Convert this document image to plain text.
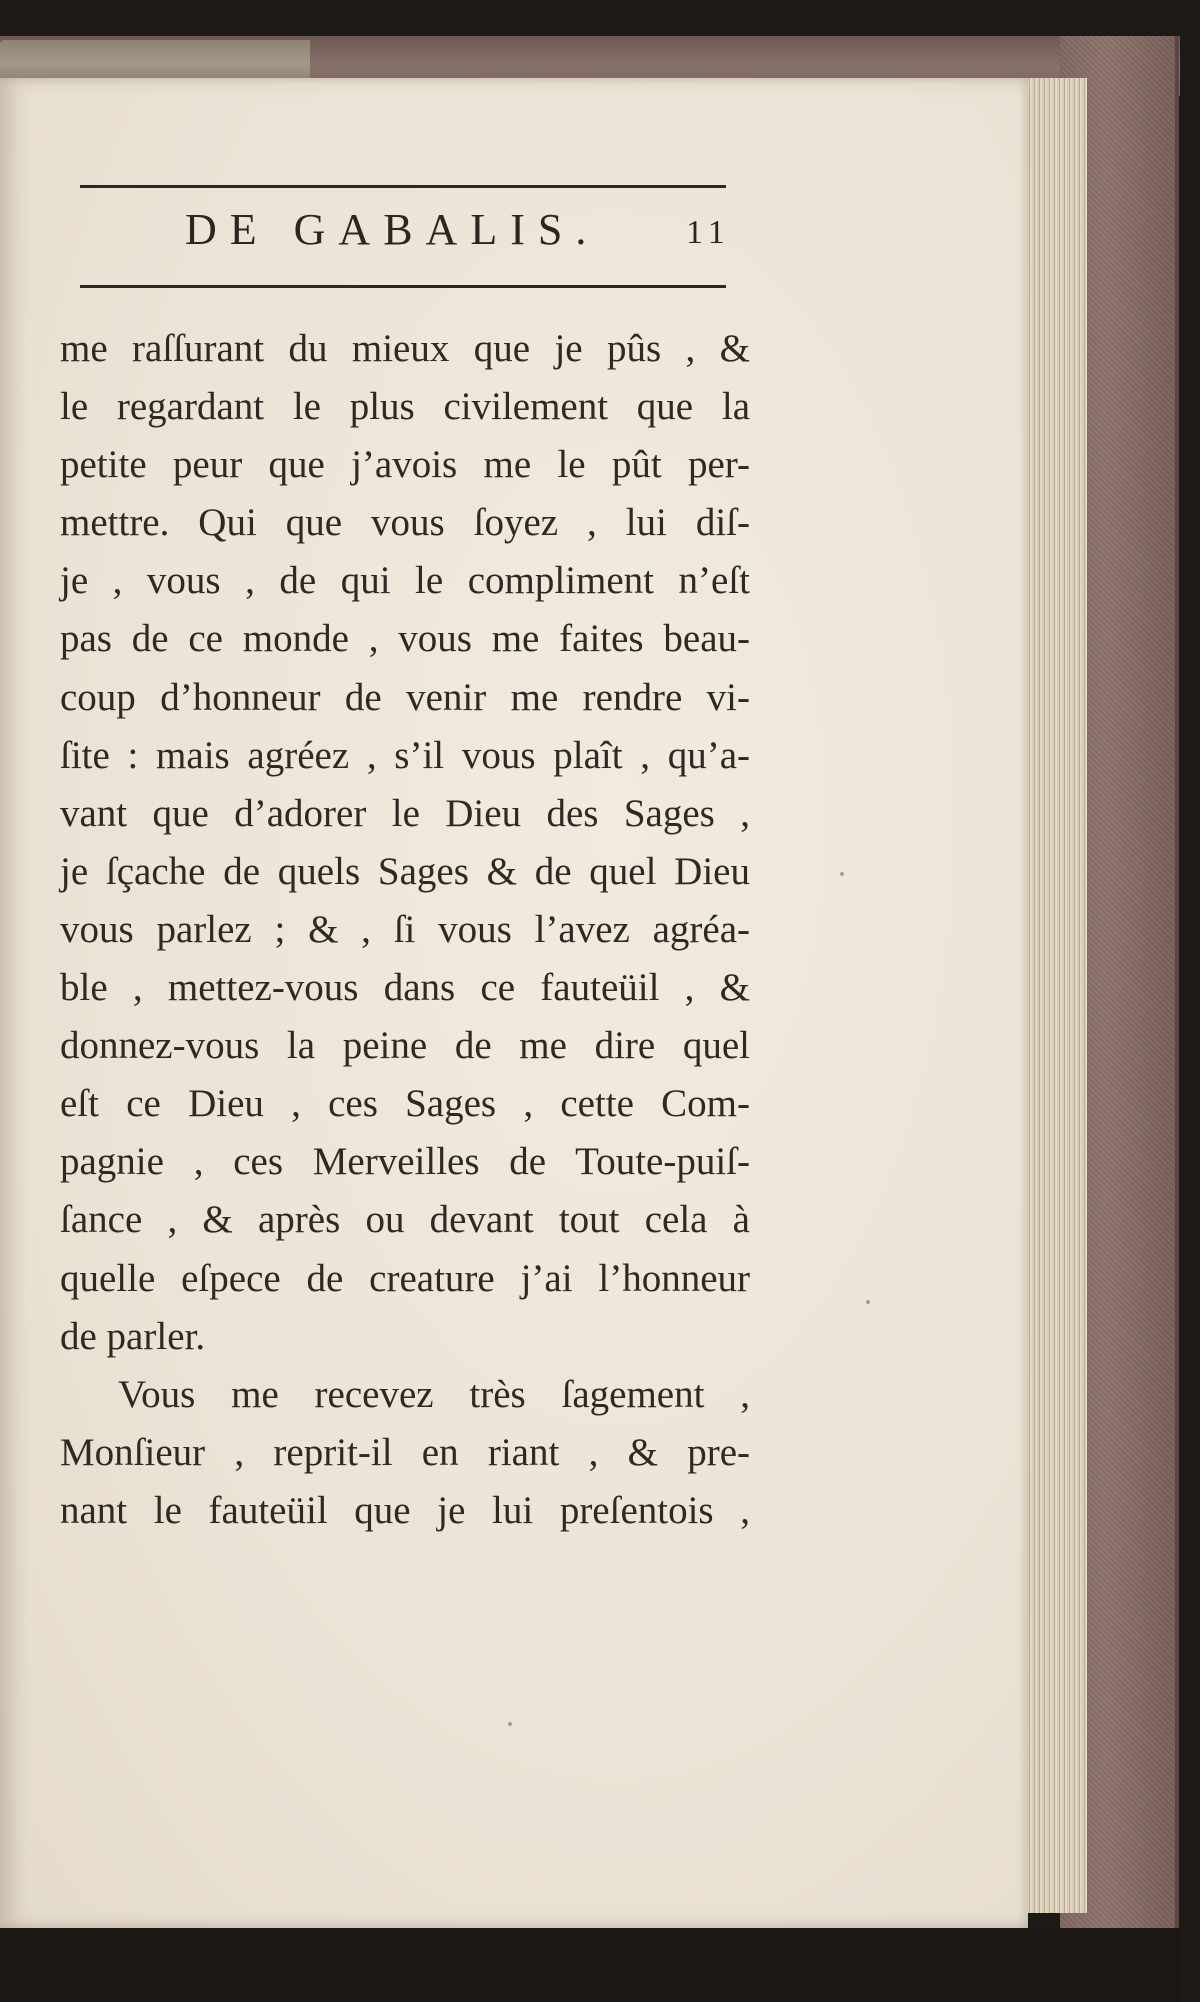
DE GABALIS.	11
me raſſurant du mieux que je pûs , &
le regardant le plus civilement que la
petite peur que j’avois me le pût per-
mettre. Qui que vous ſoyez , lui diſ-
je , vous , de qui le compliment n’eſt
pas de ce monde , vous me faites beau-
coup d’honneur de venir me rendre vi-
ſite : mais agréez , s’il vous plaît , qu’a-
vant que d’adorer le Dieu des Sages ,
je ſçache de quels Sages & de quel Dieu
vous parlez ; & , ſi vous l’avez agréa-
ble , mettez-vous dans ce fauteüil , &
donnez-vous la peine de me dire quel
eſt ce Dieu , ces Sages , cette Com-
pagnie , ces Merveilles de Toute-puiſ-
ſance , & après ou devant tout cela à
quelle eſpece de creature j’ai l’honneur
de parler.
Vous me recevez très ſagement ,
Monſieur , reprit-il en riant , & pre-
nant le fauteüil que je lui preſentois ,
